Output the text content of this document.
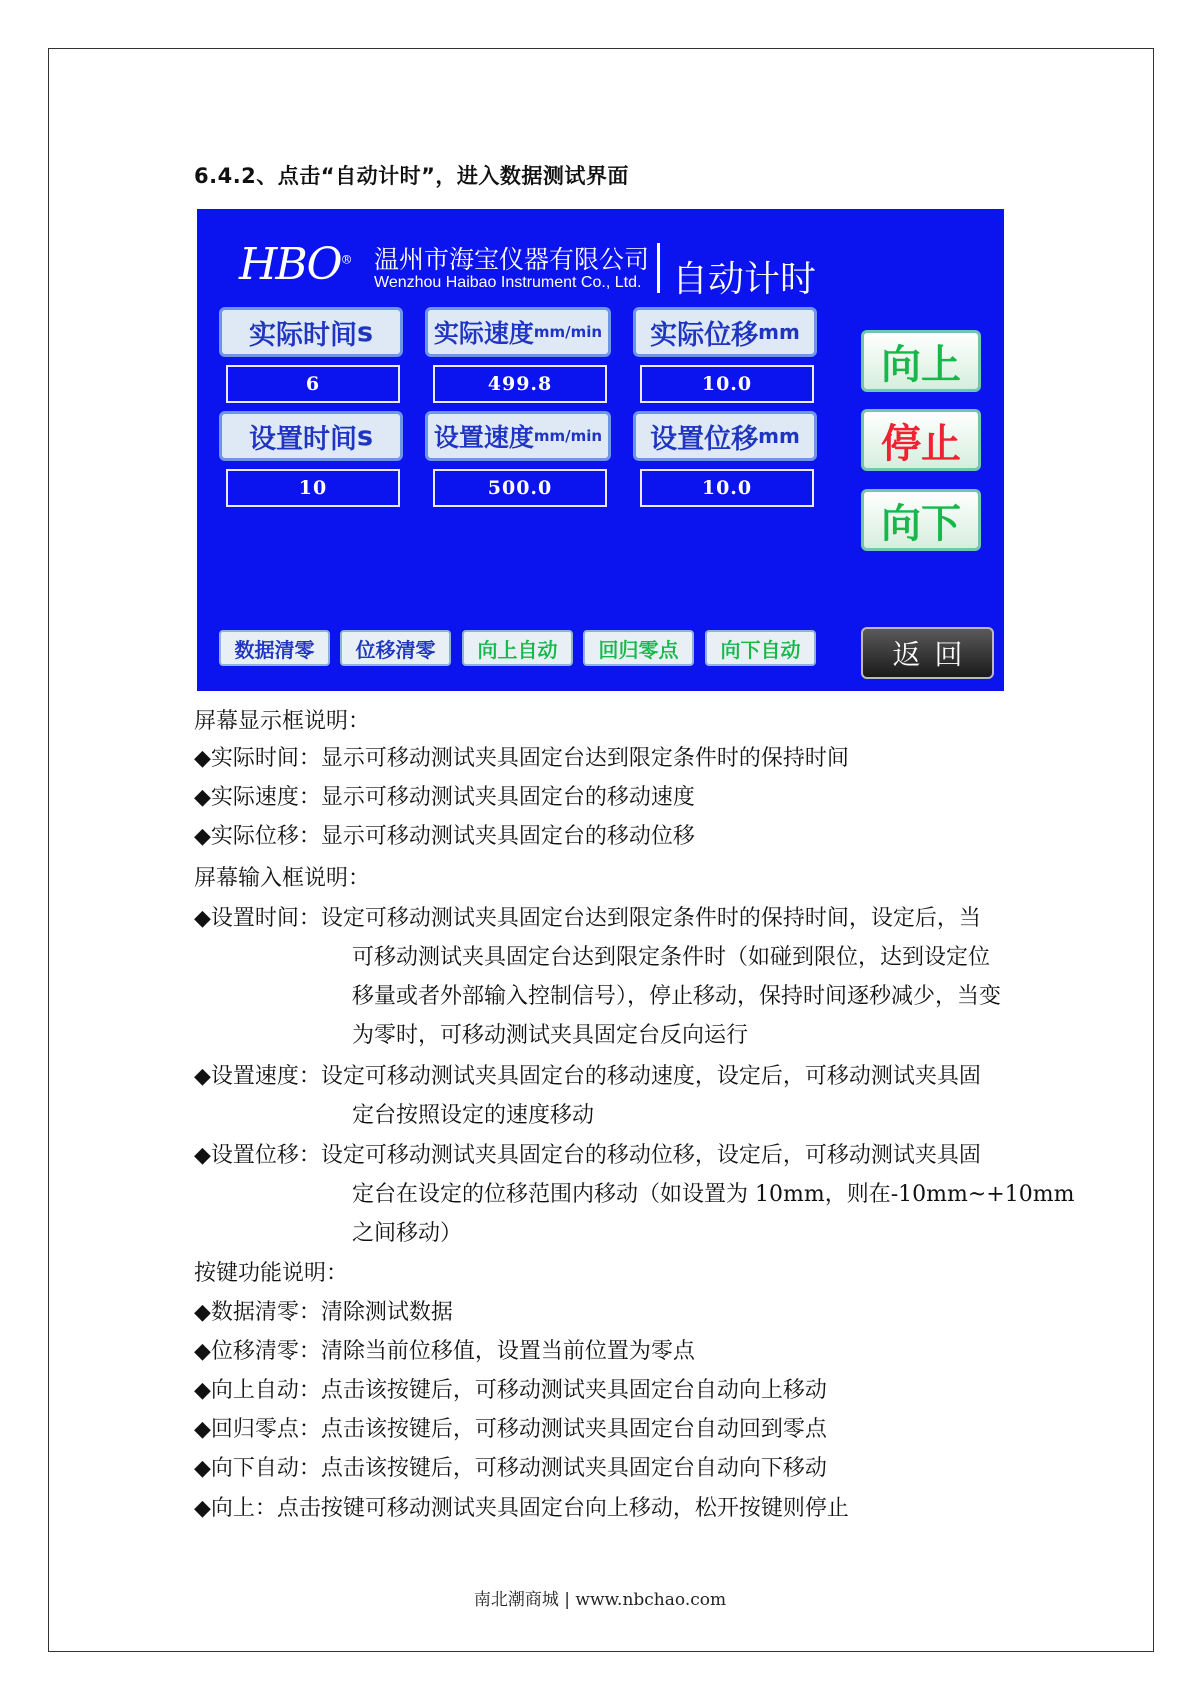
6.4.2、点击“自动计时”，进入数据测试界面
HBO® 温州市海宝仪器有限公司
Wenzhou Haibao Instrument Co., Ltd. 自动计时
实际时间 s 实际速度 mm/min 实际位移 mm
6	499.8	10.0
设置时间 s 设置速度 mm/min 设置位移 mm
10	500.0	10.0
向上
停止
向下
数据清零	位移清零	向上自动	回归零点	向下自动	返回
屏幕显示框说明：
◆实际时间：显示可移动测试夹具固定台达到限定条件时的保持时间
◆实际速度：显示可移动测试夹具固定台的移动速度
◆实际位移：显示可移动测试夹具固定台的移动位移
屏幕输入框说明：
◆设置时间：设定可移动测试夹具固定台达到限定条件时的保持时间，设定后，当
可移动测试夹具固定台达到限定条件时（如碰到限位，达到设定位
移量或者外部输入控制信号），停止移动，保持时间逐秒减少，当变
为零时，可移动测试夹具固定台反向运行
◆设置速度：设定可移动测试夹具固定台的移动速度，设定后，可移动测试夹具固
定台按照设定的速度移动
◆设置位移：设定可移动测试夹具固定台的移动位移，设定后，可移动测试夹具固
定台在设定的位移范围内移动（如设置为 10mm，则在-10mm~+10mm
之间移动）
按键功能说明：
◆数据清零：清除测试数据
◆位移清零：清除当前位移值，设置当前位置为零点
◆向上自动：点击该按键后，可移动测试夹具固定台自动向上移动
◆回归零点：点击该按键后，可移动测试夹具固定台自动回到零点
◆向下自动：点击该按键后，可移动测试夹具固定台自动向下移动
◆向上：点击按键可移动测试夹具固定台向上移动，松开按键则停止
南北潮商城 | www.nbchao.com
